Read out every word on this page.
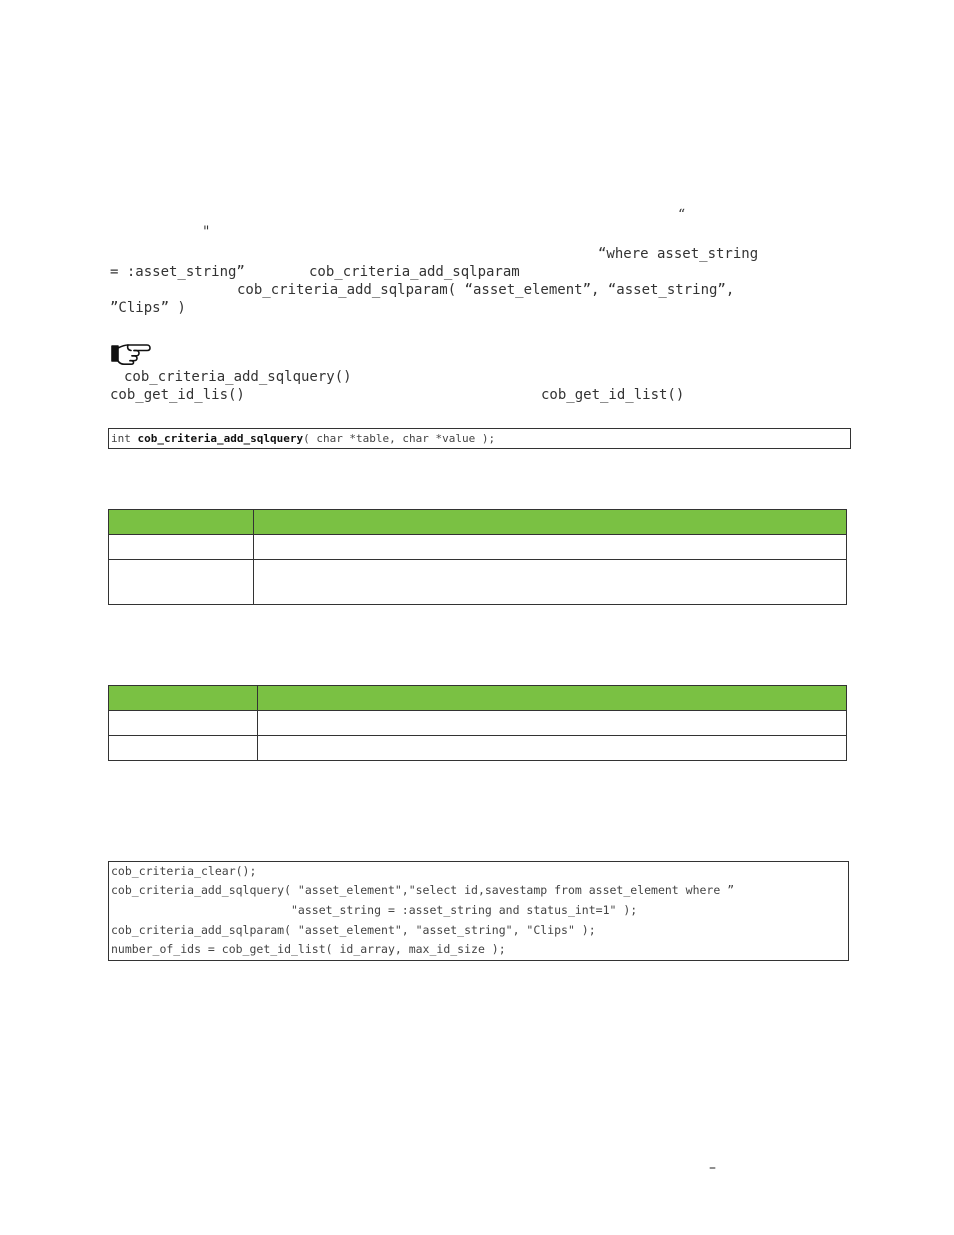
“
"
“where asset_string
= :asset_string”	cob_criteria_add_sqlparam
cob_criteria_add_sqlparam( “asset_element”, “asset_string”,
”Clips” )
cob_criteria_add_sqlquery()
cob_get_id_lis()	cob_get_id_list()
int cob_criteria_add_sqlquery( char *table, char *value );

cob_criteria_clear();
cob_criteria_add_sqlquery( "asset_element","select id,savestamp from asset_element where ”
"asset_string = :asset_string and status_int=1" );
cob_criteria_add_sqlparam( "asset_element", "asset_string", "Clips" );
number_of_ids = cob_get_id_list( id_array, max_id_size );
–
